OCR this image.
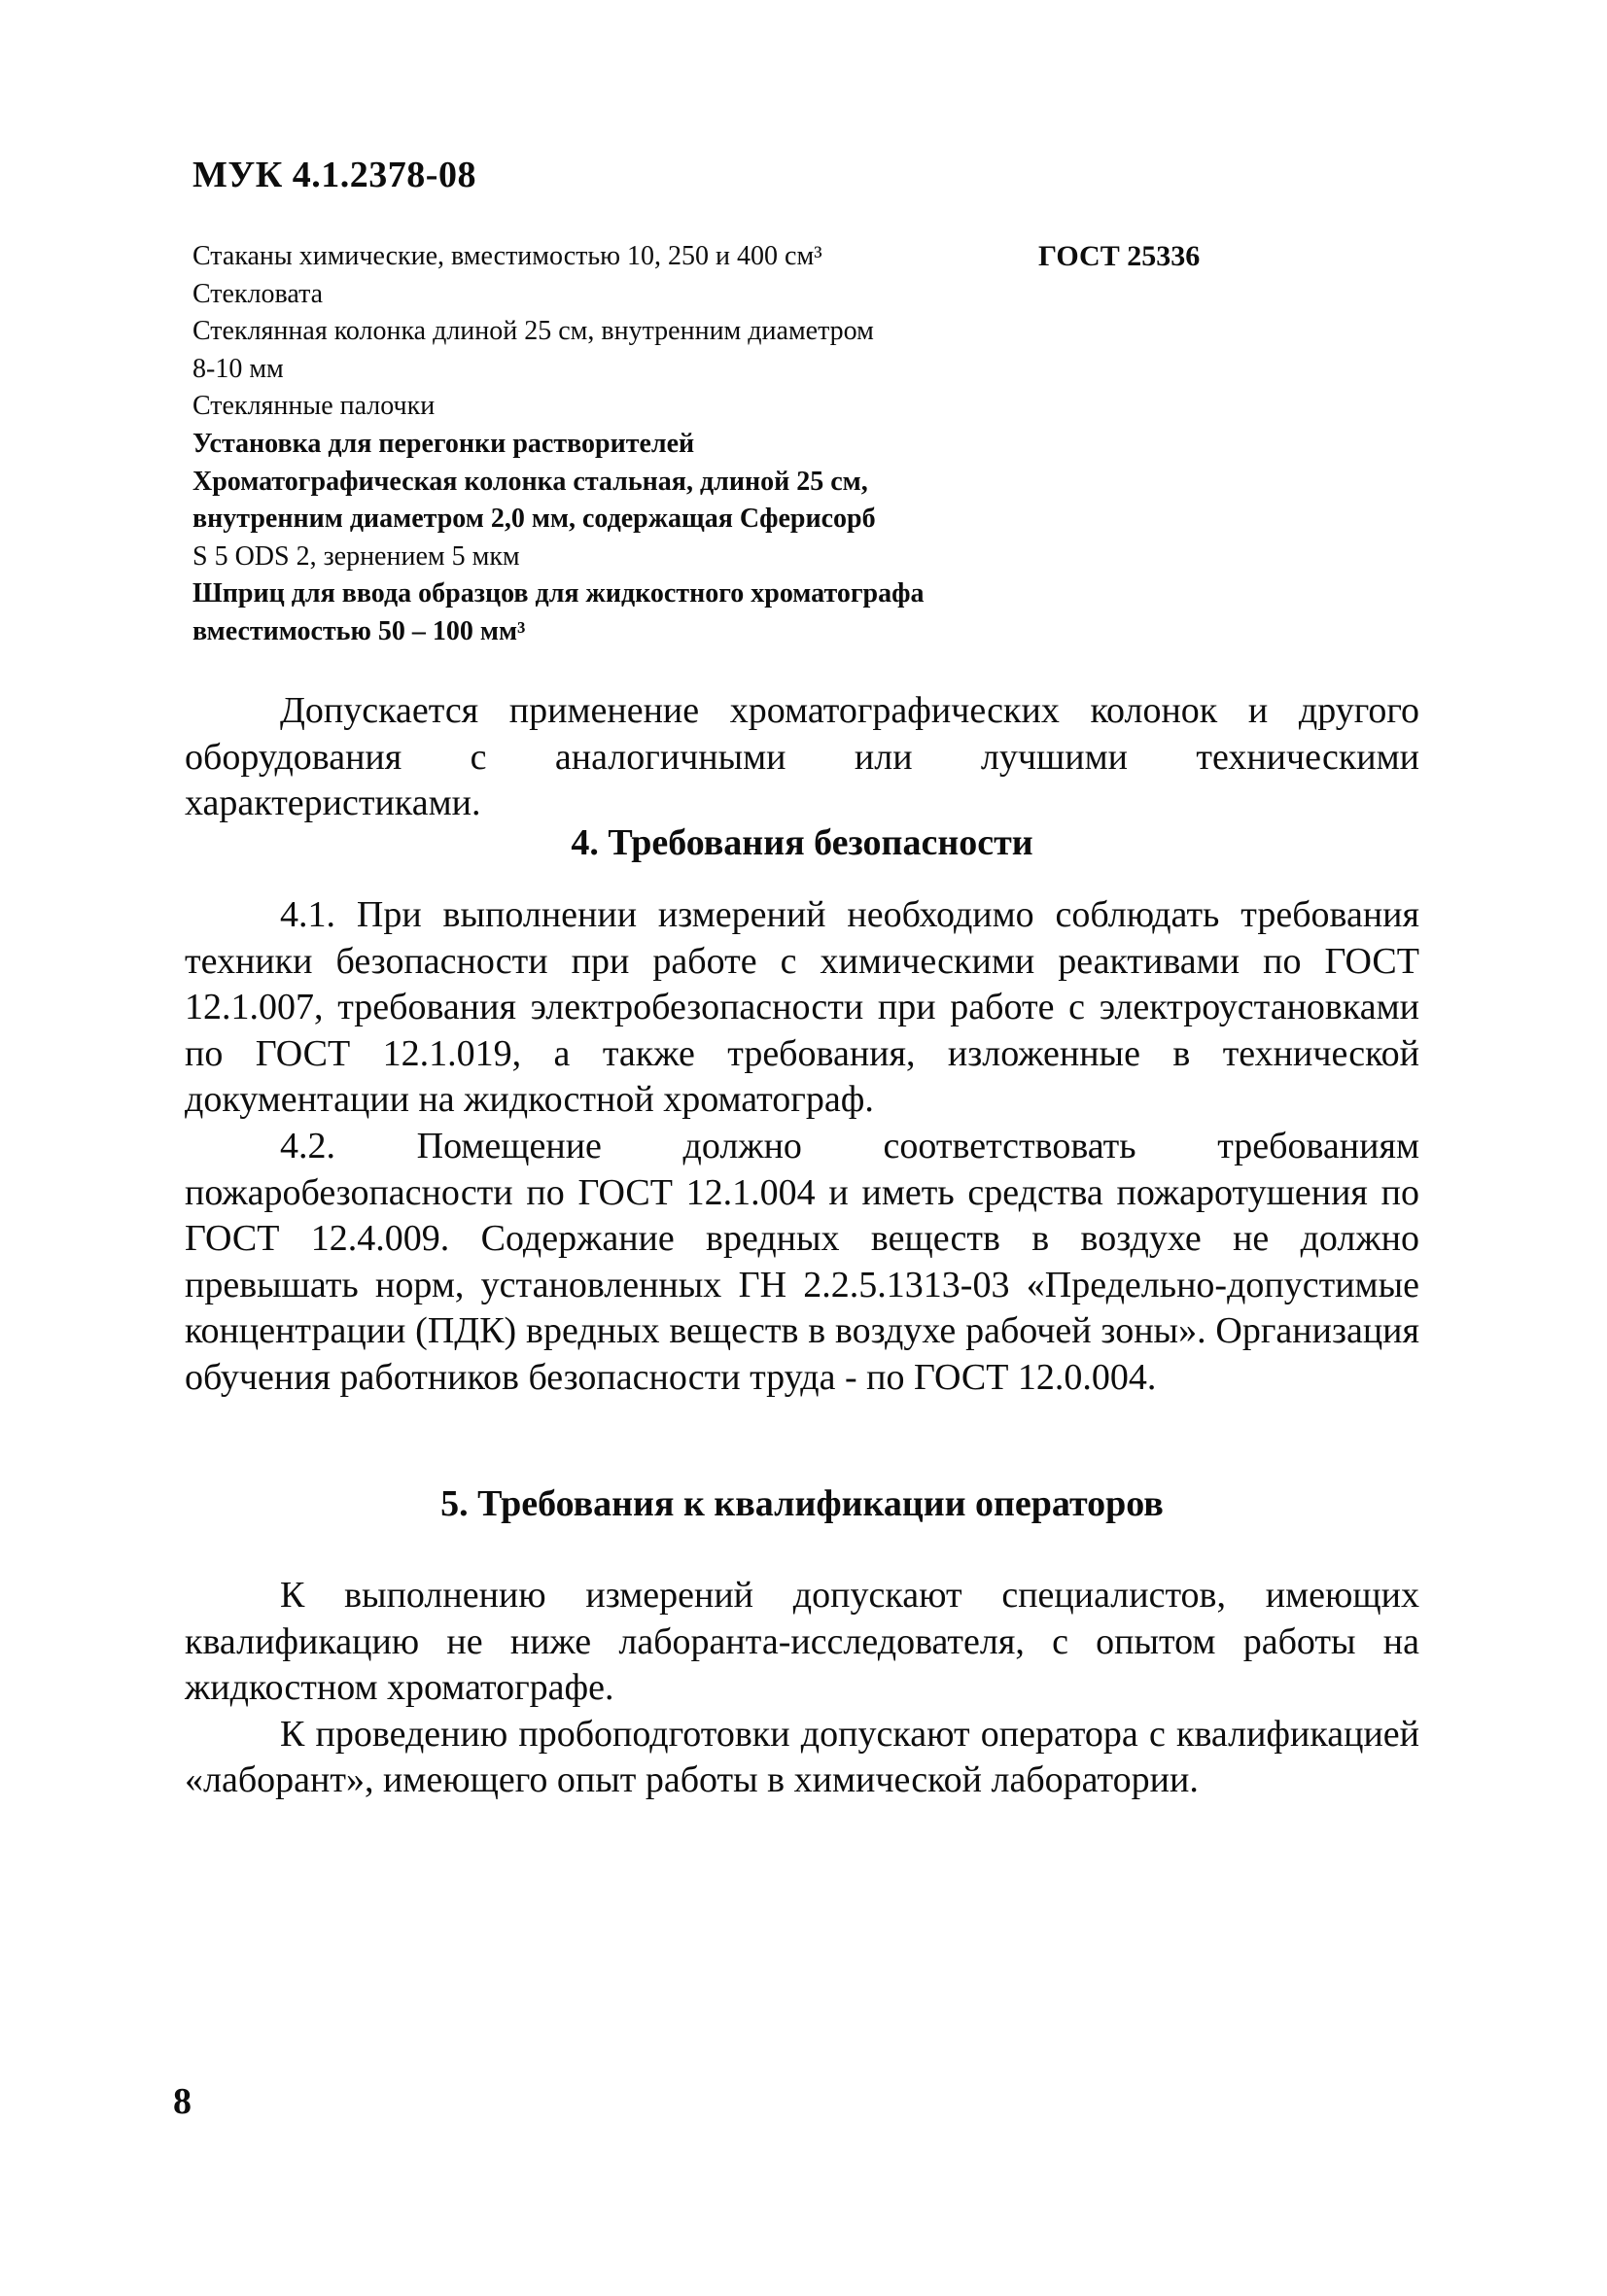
МУК 4.1.2378-08
Стаканы химические, вместимостью 10, 250 и 400 см³	ГОСТ 25336
Стекловата
Стеклянная колонка длиной 25 см, внутренним диаметром
8-10 мм
Стеклянные палочки
Установка для перегонки растворителей
Хроматографическая колонка стальная, длиной 25 см,
внутренним диаметром 2,0 мм, содержащая Сферисорб
S 5 ODS 2, зернением 5 мкм
Шприц для ввода образцов для жидкостного хроматографа
вместимостью 50 – 100 мм³

Допускается применение хроматографических колонок и другого оборудования с аналогичными или лучшими техническими характеристиками.

4. Требования безопасности

4.1. При выполнении измерений необходимо соблюдать требования техники безопасности при работе с химическими реактивами по ГОСТ 12.1.007, требования электробезопасности при работе с электроустановками по ГОСТ 12.1.019, а также требования, изложенные в технической документации на жидкостной хроматограф.

4.2. Помещение должно соответствовать требованиям пожаробезопасности по ГОСТ 12.1.004 и иметь средства пожаротушения по ГОСТ 12.4.009. Содержание вредных веществ в воздухе не должно превышать норм, установленных ГН 2.2.5.1313-03 «Предельно-допустимые концентрации (ПДК) вредных веществ в воздухе рабочей зоны». Организация обучения работников безопасности труда - по ГОСТ 12.0.004.

5. Требования к квалификации операторов

К выполнению измерений допускают специалистов, имеющих квалификацию не ниже лаборанта-исследователя, с опытом работы на жидкостном хроматографе.

К проведению пробоподготовки допускают оператора с квалификацией «лаборант», имеющего опыт работы в химической лаборатории.

8
